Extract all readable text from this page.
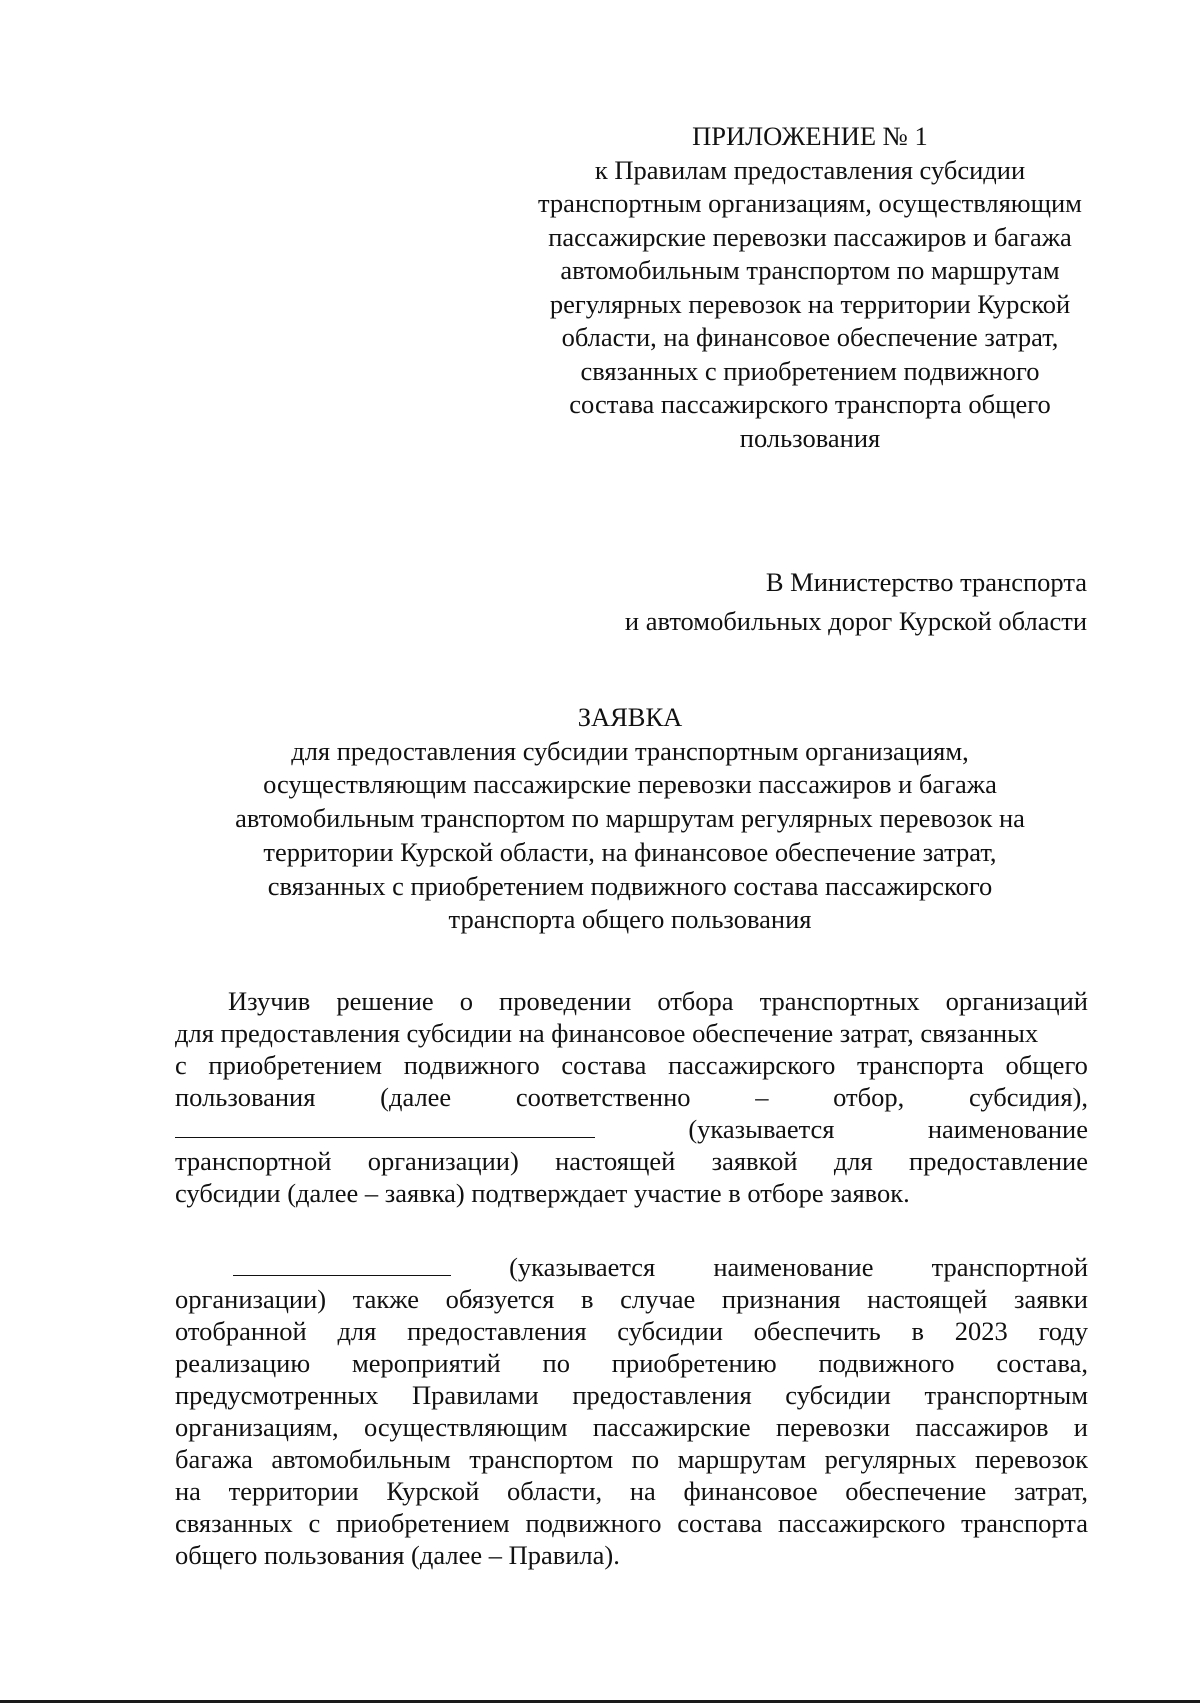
ПРИЛОЖЕНИЕ № 1
к Правилам предоставления субсидии
транспортным организациям, осуществляющим
пассажирские перевозки пассажиров и багажа
автомобильным транспортом по маршрутам
регулярных перевозок на территории Курской
области, на финансовое обеспечение затрат,
связанных с приобретением подвижного
состава пассажирского транспорта общего
пользования
В Министерство транспорта
и автомобильных дорог Курской области
ЗАЯВКА
для предоставления субсидии транспортным организациям,
осуществляющим пассажирские перевозки пассажиров и багажа
автомобильным транспортом по маршрутам регулярных перевозок на
территории Курской области, на финансовое обеспечение затрат,
связанных с приобретением подвижного состава пассажирского
транспорта общего пользования
Изучив решение о проведении отбора транспортных организаций
для предоставления субсидии на финансовое обеспечение затрат, связанных
с приобретением подвижного состава пассажирского транспорта общего
пользования (далее соответственно – отбор, субсидия),
(указывается	наименование
транспортной организации) настоящей заявкой для предоставление
субсидии (далее – заявка) подтверждает участие в отборе заявок.
(указывается наименование транспортной
организации) также обязуется в случае признания настоящей заявки
отобранной для предоставления субсидии обеспечить в 2023 году
реализацию мероприятий по приобретению подвижного состава,
предусмотренных Правилами предоставления субсидии транспортным
организациям, осуществляющим пассажирские перевозки пассажиров и
багажа автомобильным транспортом по маршрутам регулярных перевозок
на территории Курской области, на финансовое обеспечение затрат,
связанных с приобретением подвижного состава пассажирского транспорта
общего пользования (далее – Правила).
